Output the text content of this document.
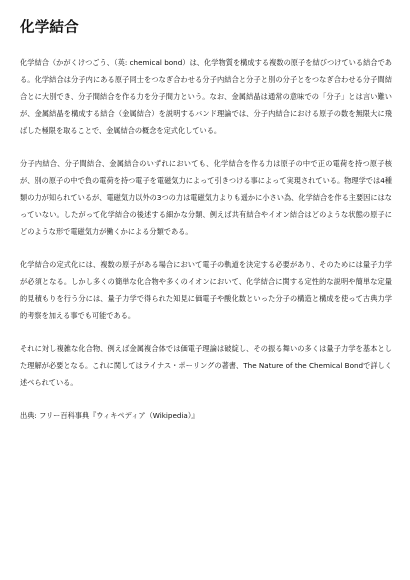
化学結合
化学結合（かがくけつごう、（英: chemical bond）は、化学物質を構成する複数の原子を結びつけている結合である。化学結合は分子内にある原子同士をつなぎ合わせる分子内結合と分子と別の分子とをつなぎ合わせる分子間結合とに大別でき、分子間結合を作る力を分子間力という。なお、金属結晶は通常の意味での「分子」とは言い難いが、金属結晶を構成する結合（金属結合）を説明するバンド理論では、分子内結合における原子の数を無限大に飛ばした極限を取ることで、金属結合の概念を定式化している。
分子内結合、分子間結合、金属結合のいずれにおいても、化学結合を作る力は原子の中で正の電荷を持つ原子核が、別の原子の中で負の電荷を持つ電子を電磁気力によって引きつける事によって実現されている。物理学では4種類の力が知られているが、電磁気力以外の3つの力は電磁気力よりも遥かに小さい為、化学結合を作る主要因にはなっていない。したがって化学結合の後述する細かな分類、例えば共有結合やイオン結合はどのような状態の原子にどのような形で電磁気力が働くかによる分類である。
化学結合の定式化には、複数の原子がある場合において電子の軌道を決定する必要があり、そのためには量子力学が必須となる。しかし多くの簡単な化合物や多くのイオンにおいて、化学結合に関する定性的な説明や簡単な定量的見積もりを行う分には、量子力学で得られた知見に価電子や酸化数といった分子の構造と構成を使って古典力学的考察を加える事でも可能である。
それに対し複雑な化合物、例えば金属複合体では価電子理論は破綻し、その振る舞いの多くは量子力学を基本とした理解が必要となる。これに関してはライナス・ポーリングの著書、The Nature of the Chemical Bondで詳しく述べられている。
出典: フリー百科事典『ウィキペディア（Wikipedia）』
